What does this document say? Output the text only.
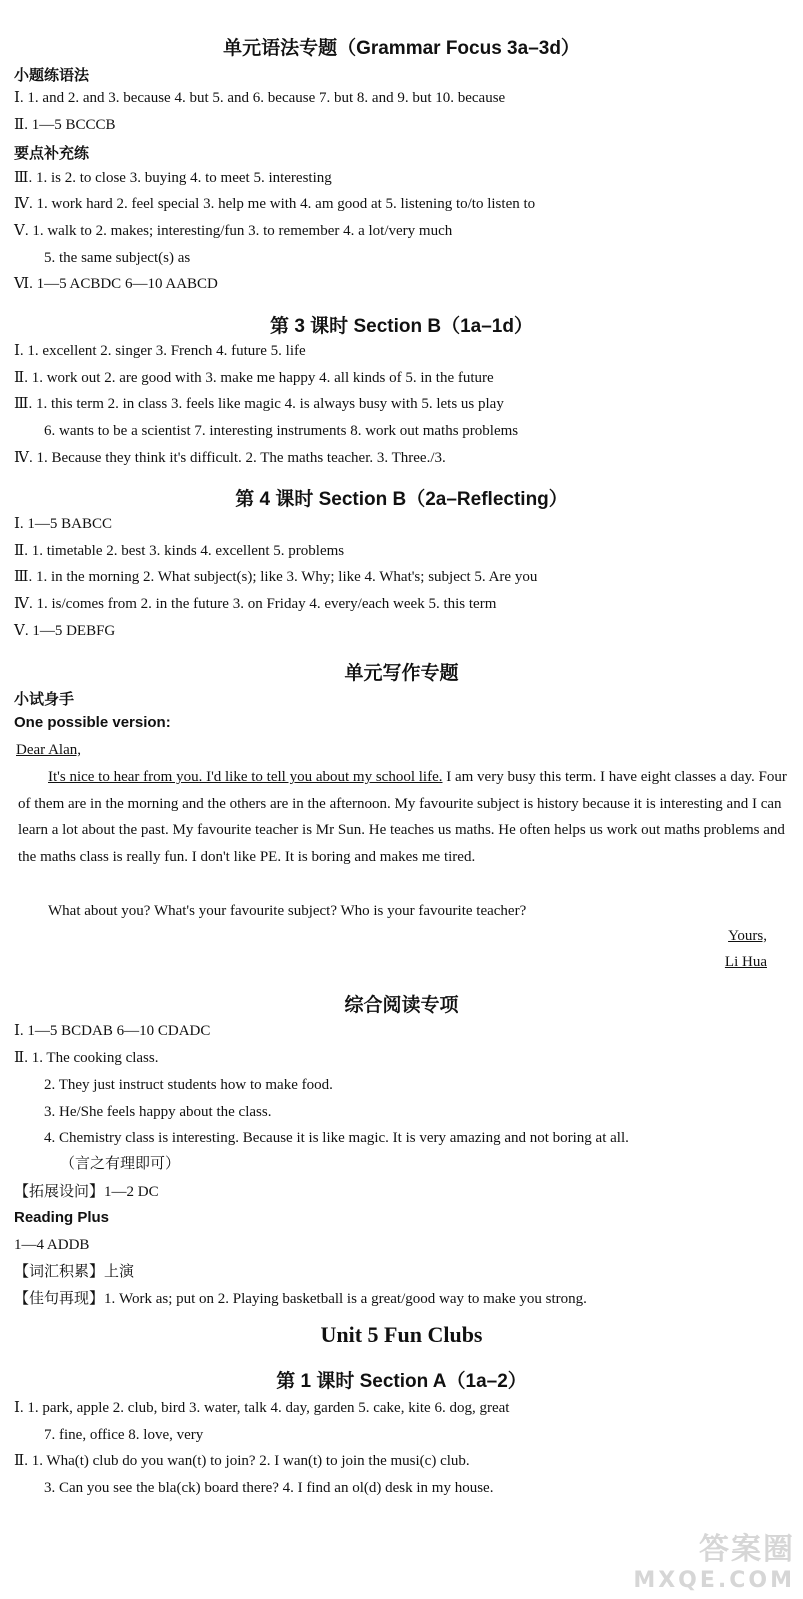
单元语法专题（Grammar Focus 3a–3d）
小题练语法
Ⅰ. 1. and 2. and 3. because 4. but 5. and 6. because 7. but 8. and 9. but 10. because
Ⅱ. 1—5 BCCCB
要点补充练
Ⅲ. 1. is 2. to close 3. buying 4. to meet 5. interesting
Ⅳ. 1. work hard 2. feel special 3. help me with 4. am good at 5. listening to/to listen to
Ⅴ. 1. walk to 2. makes; interesting/fun 3. to remember 4. a lot/very much
5. the same subject(s) as
Ⅵ. 1—5 ACBDC 6—10 AABCD
第 3 课时 Section B（1a–1d）
Ⅰ. 1. excellent 2. singer 3. French 4. future 5. life
Ⅱ. 1. work out 2. are good with 3. make me happy 4. all kinds of 5. in the future
Ⅲ. 1. this term 2. in class 3. feels like magic 4. is always busy with 5. lets us play
6. wants to be a scientist 7. interesting instruments 8. work out maths problems
Ⅳ. 1. Because they think it's difficult. 2. The maths teacher. 3. Three./3.
第 4 课时 Section B（2a–Reflecting）
Ⅰ. 1—5 BABCC
Ⅱ. 1. timetable 2. best 3. kinds 4. excellent 5. problems
Ⅲ. 1. in the morning 2. What subject(s); like 3. Why; like 4. What's; subject 5. Are you
Ⅳ. 1. is/comes from 2. in the future 3. on Friday 4. every/each week 5. this term
Ⅴ. 1—5 DEBFG
单元写作专题
小试身手
One possible version:
Dear Alan,
It's nice to hear from you. I'd like to tell you about my school life. I am very busy this term. I have eight classes a day. Four of them are in the morning and the others are in the afternoon. My favourite subject is history because it is interesting and I can learn a lot about the past. My favourite teacher is Mr Sun. He teaches us maths. He often helps us work out maths problems and the maths class is really fun. I don't like PE. It is boring and makes me tired.
What about you? What's your favourite subject? Who is your favourite teacher?
Yours,
Li Hua
综合阅读专项
Ⅰ. 1—5 BCDAB 6—10 CDADC
Ⅱ. 1. The cooking class.
2. They just instruct students how to make food.
3. He/She feels happy about the class.
4. Chemistry class is interesting. Because it is like magic. It is very amazing and not boring at all.
（言之有理即可）
【拓展设问】1—2 DC
Reading Plus
1—4 ADDB
【词汇积累】上演
【佳句再现】1. Work as; put on 2. Playing basketball is a great/good way to make you strong.
Unit 5 Fun Clubs
第 1 课时 Section A（1a–2）
Ⅰ. 1. park, apple 2. club, bird 3. water, talk 4. day, garden 5. cake, kite 6. dog, great
7. fine, office 8. love, very
Ⅱ. 1. Wha(t) club do you wan(t) to join? 2. I wan(t) to join the musi(c) club.
3. Can you see the bla(ck) board there? 4. I find an ol(d) desk in my house.
答案圈
MXQE.COM
